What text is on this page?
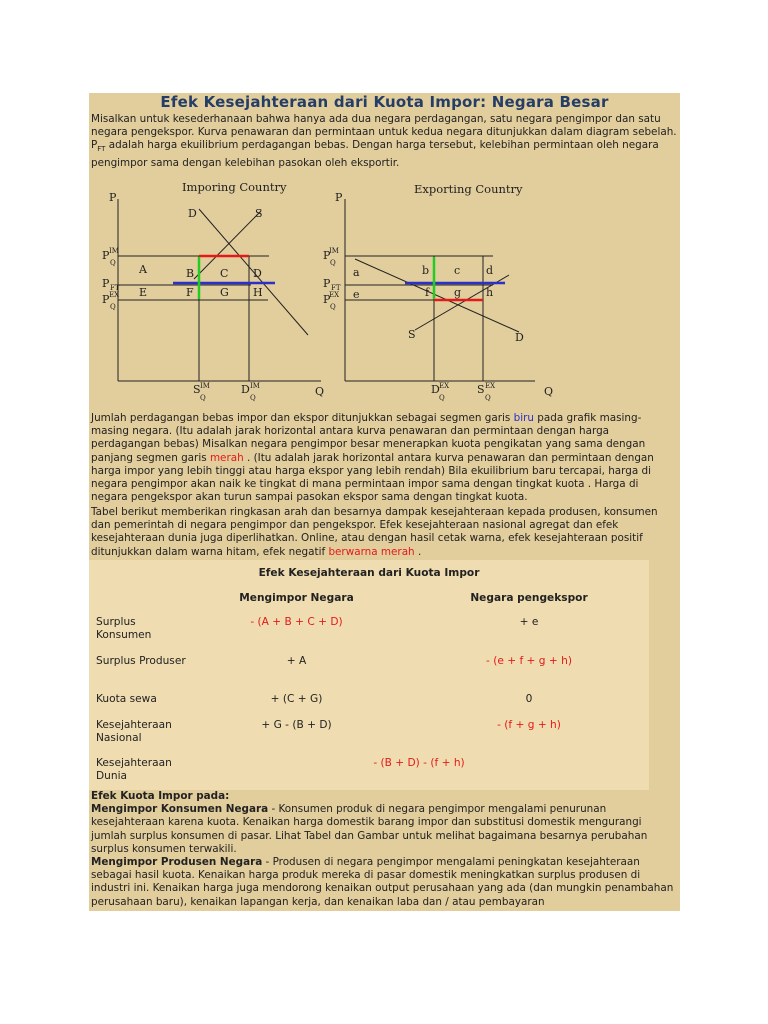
Efek Kesejahteraan dari Kuota Impor: Negara Besar
Misalkan untuk kesederhanaan bahwa hanya ada dua negara perdagangan, satu negara pengimpor dan satu negara pengekspor. Kurva penawaran dan permintaan untuk kedua negara ditunjukkan dalam diagram sebelah. $P_{FT}$ adalah harga ekuilibrium perdagangan bebas. Dengan harga tersebut, kelebihan permintaan oleh negara pengimpor sama dengan kelebihan pasokan oleh eksportir.
Imporing Country
P
Q
D	S
P IM
Q
P FT
P EX
Q
A	B C D
E	F G H
S IM
Q
D IM
Q
Exporting Country
P
Q
S	D
P
IM
Q
P FT
P
EX
Q
a	b c d
e	f g h
D EX
Q
S EX
Q
Jumlah perdagangan bebas impor dan ekspor ditunjukkan sebagai segmen garis biru pada grafik masing-masing negara. (Itu adalah jarak horizontal antara kurva penawaran dan permintaan dengan harga perdagangan bebas) Misalkan negara pengimpor besar menerapkan kuota pengikatan yang sama dengan panjang segmen garis merah . (Itu adalah jarak horizontal antara kurva penawaran dan permintaan dengan harga impor yang lebih tinggi atau harga ekspor yang lebih rendah) Bila ekuilibrium baru tercapai, harga di negara pengimpor akan naik ke tingkat di mana permintaan impor sama dengan tingkat kuota . Harga di negara pengekspor akan turun sampai pasokan ekspor sama dengan tingkat kuota.
Tabel berikut memberikan ringkasan arah dan besarnya dampak kesejahteraan kepada produsen, konsumen dan pemerintah di negara pengimpor dan pengekspor. Efek kesejahteraan nasional agregat dan efek kesejahteraan dunia juga diperlihatkan. Online, atau dengan hasil cetak warna, efek kesejahteraan positif ditunjukkan dalam warna hitam, efek negatif berwarna merah .
Efek Kesejahteraan dari Kuota Impor
Mengimpor Negara	Negara pengekspor
Surplus Konsumen
- (A + B + C + D)	+ e
Surplus Produser	+ A	- (e + f + g + h)
Kuota sewa	+ (C + G)	0
Kesejahteraan Nasional
+ G - (B + D)	- (f + g + h)
Kesejahteraan Dunia
- (B + D) - (f + h)
Efek Kuota Impor pada:
Mengimpor Konsumen Negara - Konsumen produk di negara pengimpor mengalami penurunan kesejahteraan karena kuota. Kenaikan harga domestik barang impor dan substitusi domestik mengurangi jumlah surplus konsumen di pasar. Lihat Tabel dan Gambar untuk melihat bagaimana besarnya perubahan surplus konsumen terwakili.
Mengimpor Produsen Negara - Produsen di negara pengimpor mengalami peningkatan kesejahteraan sebagai hasil kuota. Kenaikan harga produk mereka di pasar domestik meningkatkan surplus produsen di industri ini. Kenaikan harga juga mendorong kenaikan output perusahaan yang ada (dan mungkin penambahan perusahaan baru), kenaikan lapangan kerja, dan kenaikan laba dan / atau pembayaran
